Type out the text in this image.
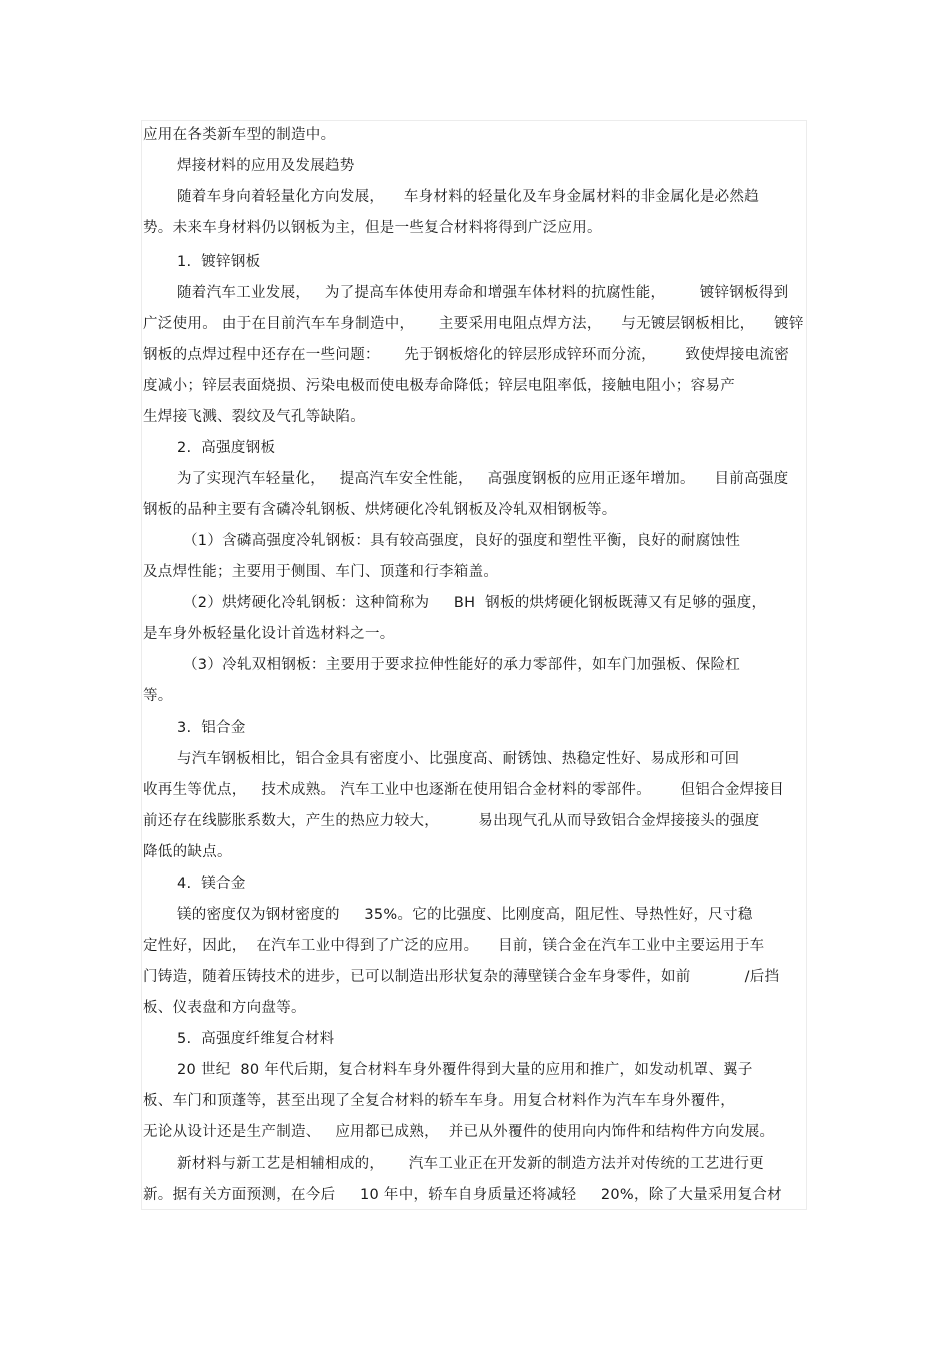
应用在各类新车型的制造中。
焊接材料的应用及发展趋势
随着车身向着轻量化方向发展，    车身材料的轻量化及车身金属材料的非金属化是必然趋
势。未来车身材料仍以钢板为主，但是一些复合材料将得到广泛应用。
1.  镀锌钢板
随着汽车工业发展，   为了提高车体使用寿命和增强车体材料的抗腐性能，       镀锌钢板得到
广泛使用。 由于在目前汽车车身制造中，     主要采用电阻点焊方法，    与无镀层钢板相比，    镀锌
钢板的点焊过程中还存在一些问题：     先于钢板熔化的锌层形成锌环而分流，      致使焊接电流密
度减小；锌层表面烧损、污染电极而使电极寿命降低；锌层电阻率低，接触电阻小；容易产
生焊接飞溅、裂纹及气孔等缺陷。
2.  高强度钢板
为了实现汽车轻量化，   提高汽车安全性能，   高强度钢板的应用正逐年增加。    目前高强度
钢板的品种主要有含磷冷轧钢板、烘烤硬化冷轧钢板及冷轧双相钢板等。
（1）含磷高强度冷轧钢板：具有较高强度，良好的强度和塑性平衡，良好的耐腐蚀性
及点焊性能；主要用于侧围、车门、顶蓬和行李箱盖。
（2）烘烤硬化冷轧钢板：这种简称为     BH  钢板的烘烤硬化钢板既薄又有足够的强度，
是车身外板轻量化设计首选材料之一。
（3）冷轧双相钢板：主要用于要求拉伸性能好的承力零部件，如车门加强板、保险杠
等。
3.  铝合金
与汽车钢板相比，铝合金具有密度小、比强度高、耐锈蚀、热稳定性好、易成形和可回
收再生等优点，   技术成熟。 汽车工业中也逐渐在使用铝合金材料的零部件。      但铝合金焊接目
前还存在线膨胀系数大，产生的热应力较大，        易出现气孔从而导致铝合金焊接接头的强度
降低的缺点。
4.  镁合金
镁的密度仅为钢材密度的     35%。它的比强度、比刚度高，阻尼性、导热性好，尺寸稳
定性好，因此，  在汽车工业中得到了广泛的应用。    目前，镁合金在汽车工业中主要运用于车
门铸造，随着压铸技术的进步，已可以制造出形状复杂的薄壁镁合金车身零件，如前           /后挡
板、仪表盘和方向盘等。
5.  高强度纤维复合材料
20 世纪  80 年代后期，复合材料车身外覆件得到大量的应用和推广，如发动机罩、翼子
板、车门和顶蓬等，甚至出现了全复合材料的轿车车身。用复合材料作为汽车车身外覆件，
无论从设计还是生产制造、   应用都已成熟，  并已从外覆件的使用向内饰件和结构件方向发展。
新材料与新工艺是相辅相成的，     汽车工业正在开发新的制造方法并对传统的工艺进行更
新。据有关方面预测，在今后     10 年中，轿车自身质量还将减轻     20%，除了大量采用复合材
